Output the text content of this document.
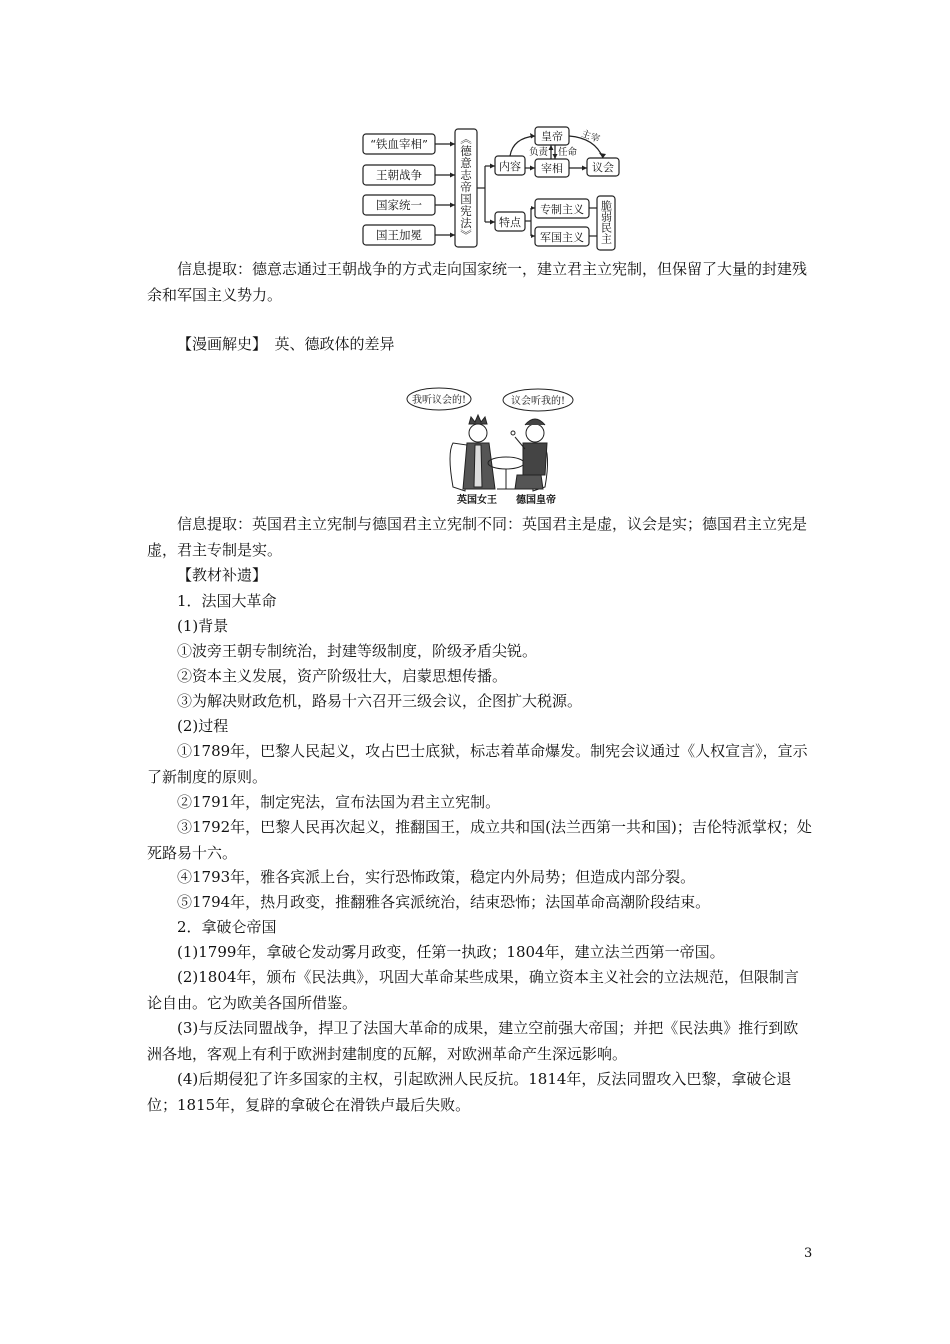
“铁血宰相”
王朝战争
国家统一
国王加冕	《德意志帝国宪法》 内容
皇帝
宰相	议会
负责 任命
主宰
特点
专制主义
军国主义 脆弱民主

信息提取：德意志通过王朝战争的方式走向国家统一，建立君主立宪制，但保留了大量的封建残余和军国主义势力。

【漫画解史】　英、德政体的差异

我听议会的!	议会听我的!
英国女王 德国皇帝

信息提取：英国君主立宪制与德国君主立宪制不同：英国君主是虚，议会是实；德国君主立宪是虚，君主专制是实。

【教材补遗】

1．法国大革命

(1)背景

①波旁王朝专制统治，封建等级制度，阶级矛盾尖锐。

②资本主义发展，资产阶级壮大，启蒙思想传播。

③为解决财政危机，路易十六召开三级会议，企图扩大税源。

(2)过程

①1789年，巴黎人民起义，攻占巴士底狱，标志着革命爆发。制宪会议通过《人权宣言》，宣示了新制度的原则。

②1791年，制定宪法，宣布法国为君主立宪制。

③1792年，巴黎人民再次起义，推翻国王，成立共和国(法兰西第一共和国)；吉伦特派掌权；处死路易十六。

④1793年，雅各宾派上台，实行恐怖政策，稳定内外局势；但造成内部分裂。

⑤1794年，热月政变，推翻雅各宾派统治，结束恐怖；法国革命高潮阶段结束。

2．拿破仑帝国

(1)1799年，拿破仑发动雾月政变，任第一执政；1804年，建立法兰西第一帝国。

(2)1804年，颁布《民法典》，巩固大革命某些成果，确立资本主义社会的立法规范，但限制言论自由。它为欧美各国所借鉴。

(3)与反法同盟战争，捍卫了法国大革命的成果，建立空前强大帝国；并把《民法典》推行到欧洲各地，客观上有利于欧洲封建制度的瓦解，对欧洲革命产生深远影响。

(4)后期侵犯了许多国家的主权，引起欧洲人民反抗。1814年，反法同盟攻入巴黎，拿破仑退位；1815年，复辟的拿破仑在滑铁卢最后失败。

3
